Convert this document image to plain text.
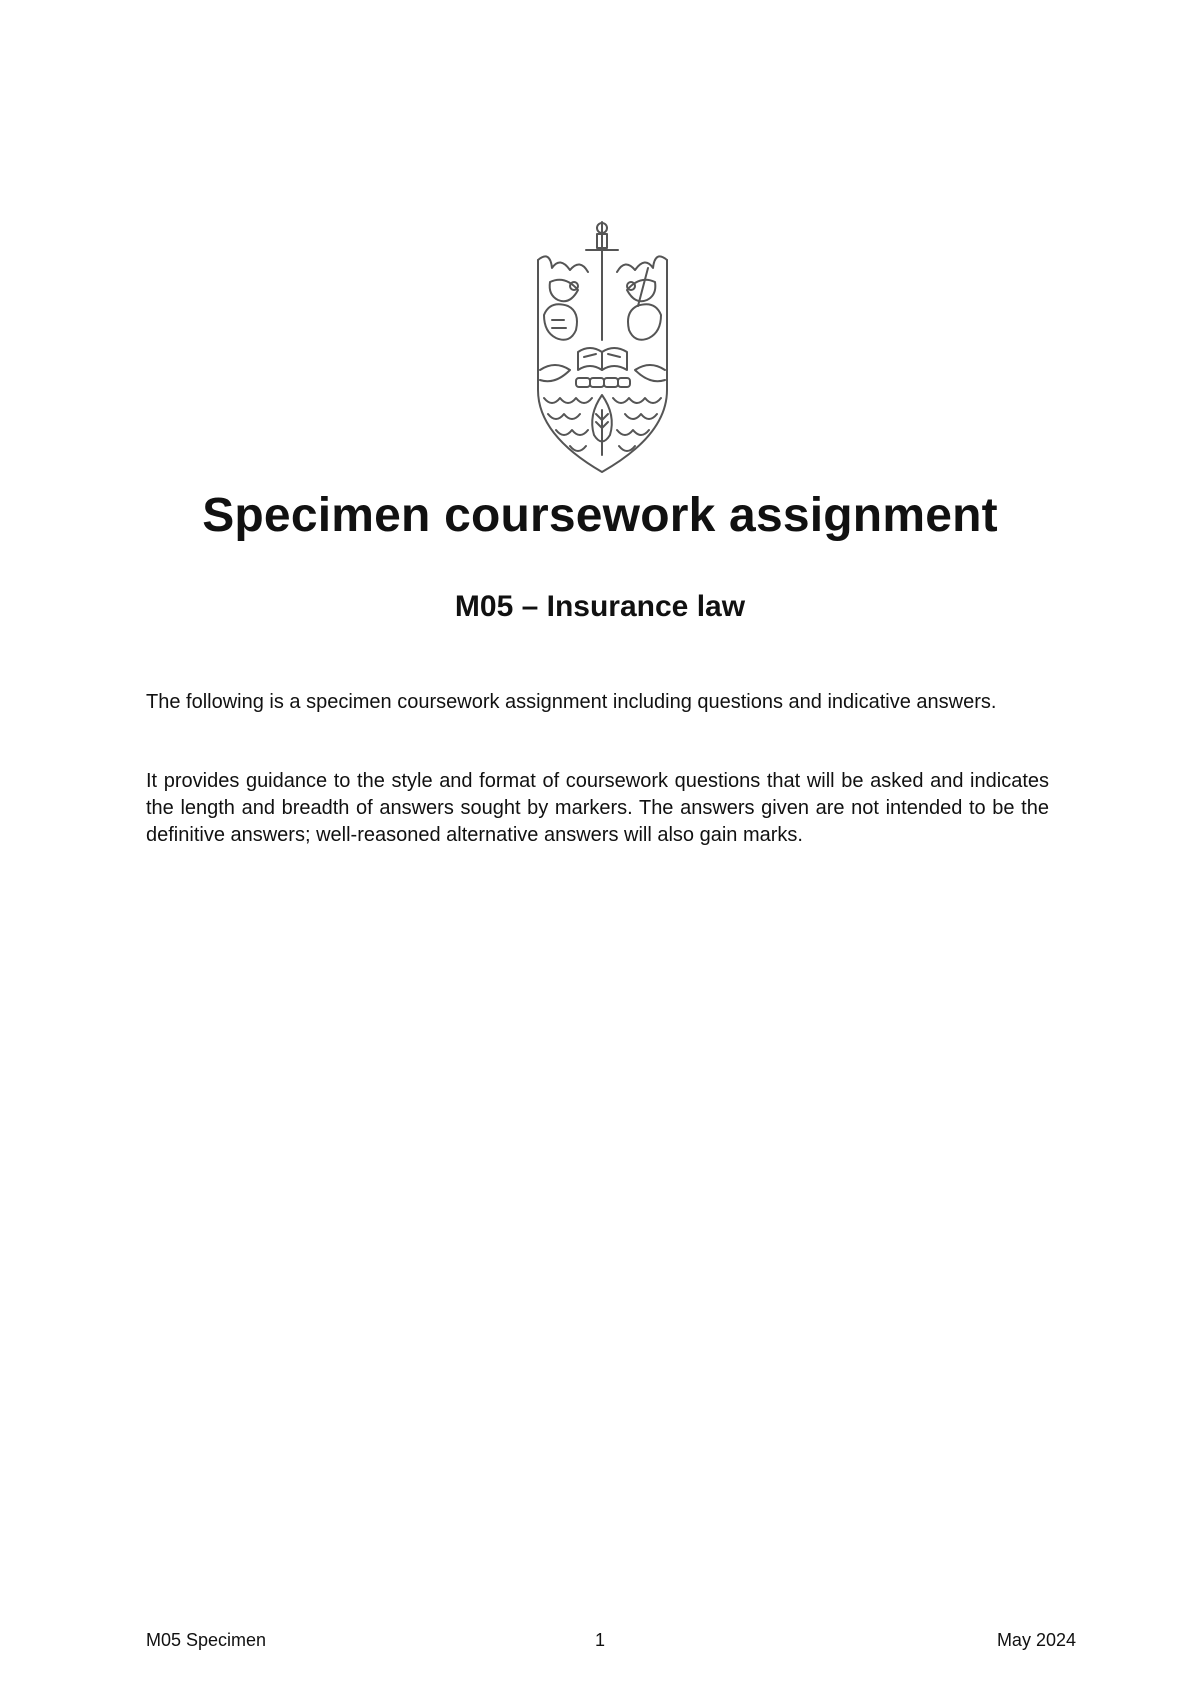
Specimen coursework assignment
M05 – Insurance law

The following is a specimen coursework assignment including questions and indicative answers.

It provides guidance to the style and format of coursework questions that will be asked and indicates the length and breadth of answers sought by markers. The answers given are not intended to be the definitive answers; well-reasoned alternative answers will also gain marks.

M05 Specimen	1	May 2024
